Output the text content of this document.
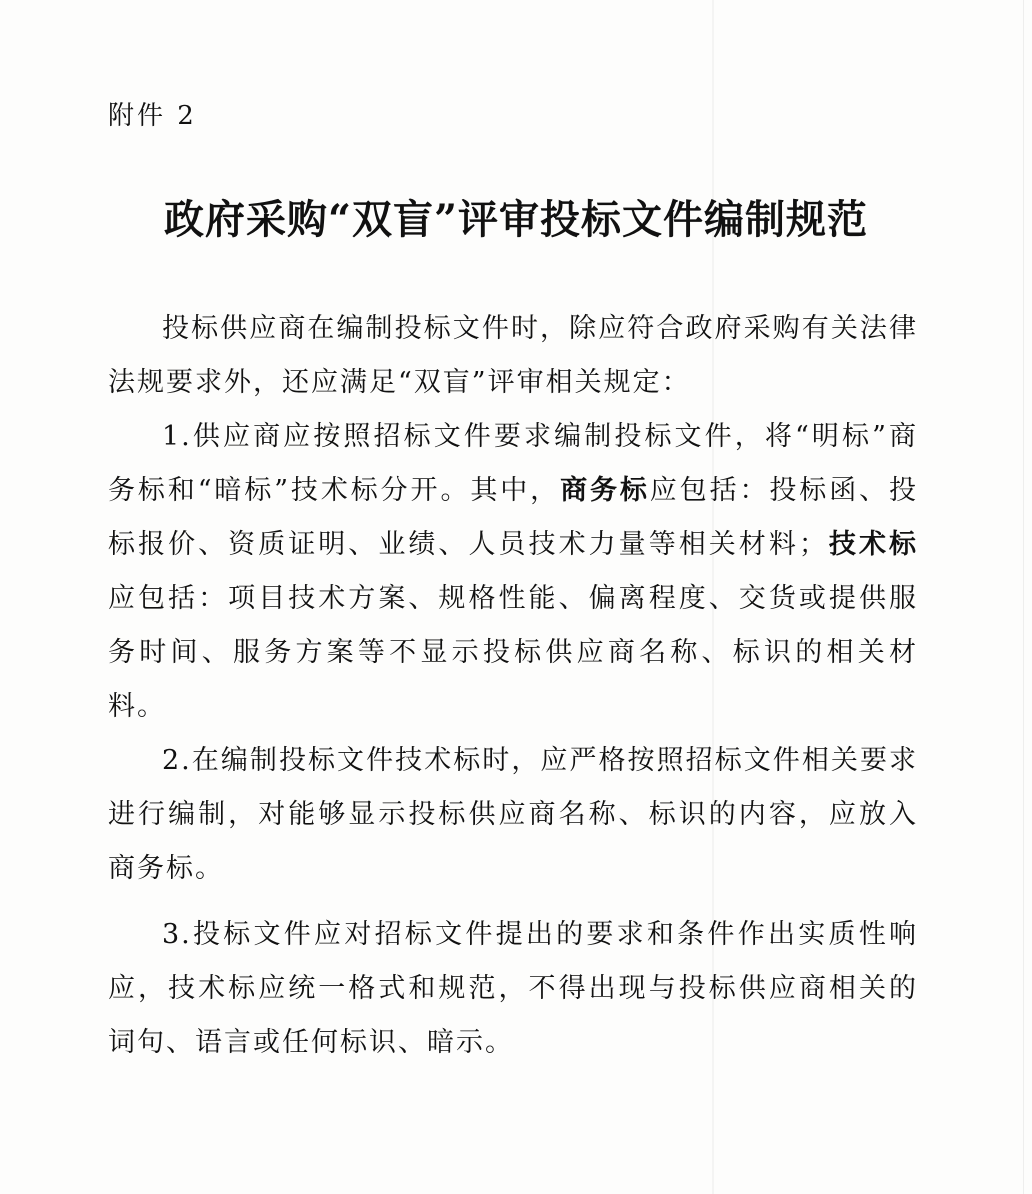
附件 2
政府采购“双盲”评审投标文件编制规范

投标供应商在编制投标文件时，除应符合政府采购有关法律法规要求外，还应满足“双盲”评审相关规定：

1.供应商应按照招标文件要求编制投标文件，将“明标”商务标和“暗标”技术标分开。其中，商务标应包括：投标函、投标报价、资质证明、业绩、人员技术力量等相关材料；技术标应包括：项目技术方案、规格性能、偏离程度、交货或提供服务时间、服务方案等不显示投标供应商名称、标识的相关材料。

2.在编制投标文件技术标时，应严格按照招标文件相关要求进行编制，对能够显示投标供应商名称、标识的内容，应放入商务标。

3.投标文件应对招标文件提出的要求和条件作出实质性响应，技术标应统一格式和规范，不得出现与投标供应商相关的词句、语言或任何标识、暗示。
